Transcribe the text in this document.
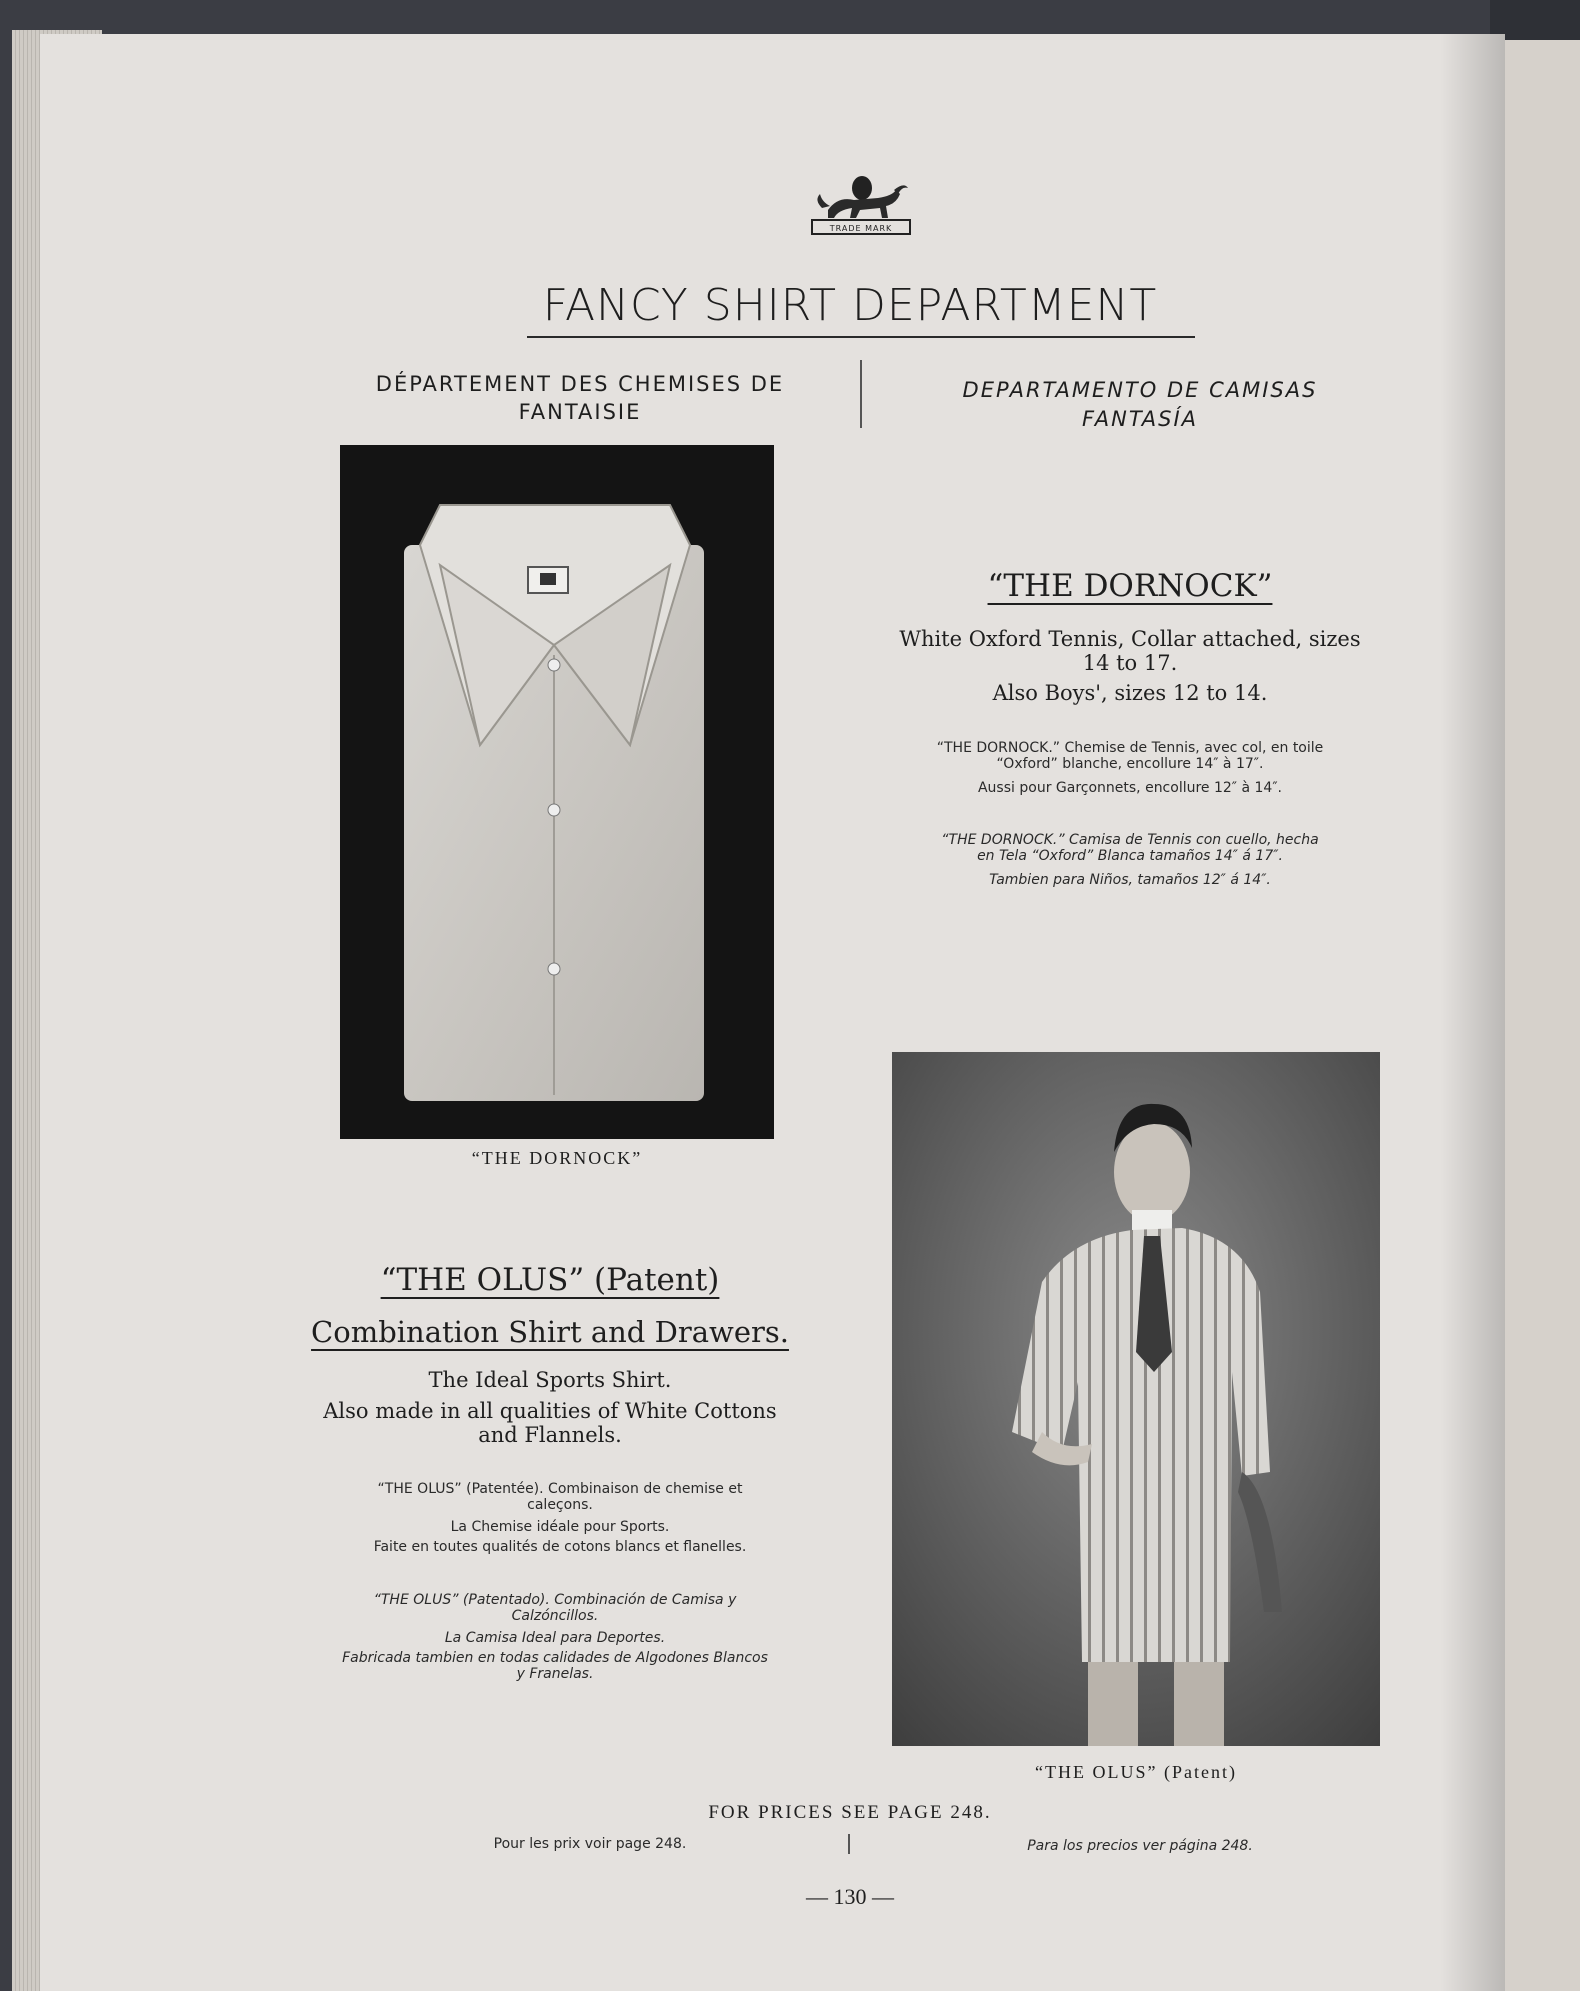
TRADE MARK
FANCY SHIRT DEPARTMENT
DÉPARTEMENT DES CHEMISES DE
FANTAISIE
DEPARTAMENTO DE CAMISAS
FANTASÍA
“THE DORNOCK”
“THE DORNOCK”
White Oxford Tennis, Collar attached, sizes
14 to 17.
Also Boys', sizes 12 to 14.
“THE DORNOCK.” Chemise de Tennis, avec col, en toile
“Oxford” blanche, encollure 14″ à 17″.
Aussi pour Garçonnets, encollure 12″ à 14″.
“THE DORNOCK.” Camisa de Tennis con cuello, hecha
en Tela “Oxford” Blanca tamaños 14″ á 17″.
Tambien para Niños, tamaños 12″ á 14″.
“THE OLUS” (Patent)
Combination Shirt and Drawers.
The Ideal Sports Shirt.
Also made in all qualities of White Cottons
and Flannels.
“THE OLUS” (Patentée). Combinaison de chemise et
caleçons.
La Chemise idéale pour Sports.
Faite en toutes qualités de cotons blancs et flanelles.
“THE OLUS” (Patentado). Combinación de Camisa y
Calzóncillos.
La Camisa Ideal para Deportes.
Fabricada tambien en todas calidades de Algodones Blancos
y Franelas.
“THE OLUS” (Patent)
FOR PRICES SEE PAGE 248.
Pour les prix voir page 248.	Para los precios ver página 248.
— 130 —
